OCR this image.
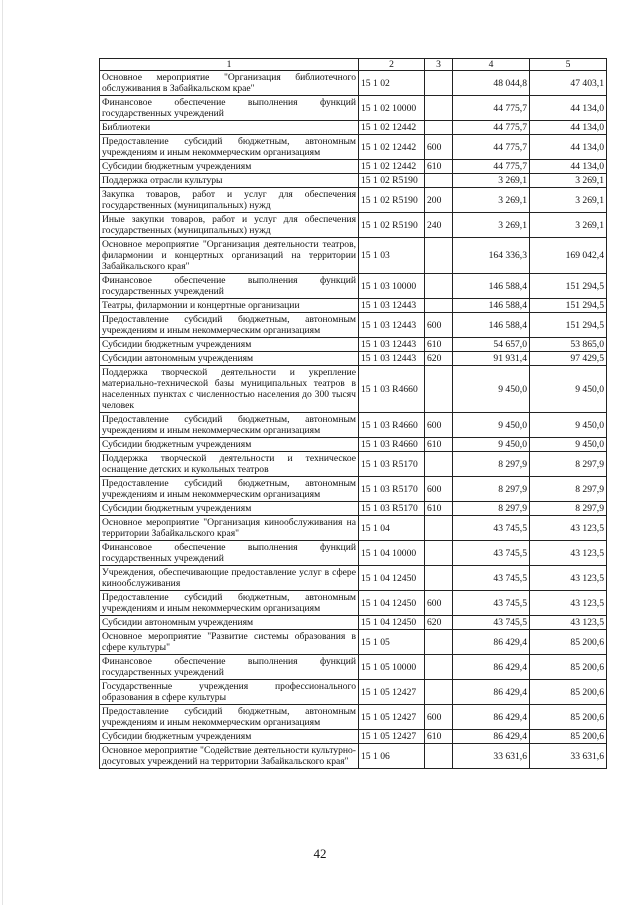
1	2	3	4	5
Основное мероприятие "Организация библиотечного обслуживания в Забайкальском крае"	15 1 02		48 044,8	47 403,1
Финансовое обеспечение выполнения функций государственных учреждений	15 1 02 10000		44 775,7	44 134,0
Библиотеки	15 1 02 12442		44 775,7	44 134,0
Предоставление субсидий бюджетным, автономным учреждениям и иным некоммерческим организациям	15 1 02 12442	600	44 775,7	44 134,0
Субсидии бюджетным учреждениям	15 1 02 12442	610	44 775,7	44 134,0
Поддержка отрасли культуры	15 1 02 R5190		3 269,1	3 269,1
Закупка товаров, работ и услуг для обеспечения государственных (муниципальных) нужд	15 1 02 R5190	200	3 269,1	3 269,1
Иные закупки товаров, работ и услуг для обеспечения государственных (муниципальных) нужд	15 1 02 R5190	240	3 269,1	3 269,1
Основное мероприятие "Организация деятельности театров, филармонии и концертных организаций на территории Забайкальского края"	15 1 03		164 336,3	169 042,4
Финансовое обеспечение выполнения функций государственных учреждений	15 1 03 10000		146 588,4	151 294,5
Театры, филармонии и концертные организации	15 1 03 12443		146 588,4	151 294,5
Предоставление субсидий бюджетным, автономным учреждениям и иным некоммерческим организациям	15 1 03 12443	600	146 588,4	151 294,5
Субсидии бюджетным учреждениям	15 1 03 12443	610	54 657,0	53 865,0
Субсидии автономным учреждениям	15 1 03 12443	620	91 931,4	97 429,5
Поддержка творческой деятельности и укрепление материально-технической базы муниципальных театров в населенных пунктах с численностью населения до 300 тысяч человек	15 1 03 R4660		9 450,0	9 450,0
Предоставление субсидий бюджетным, автономным учреждениям и иным некоммерческим организациям	15 1 03 R4660	600	9 450,0	9 450,0
Субсидии бюджетным учреждениям	15 1 03 R4660	610	9 450,0	9 450,0
Поддержка творческой деятельности и техническое оснащение детских и кукольных театров	15 1 03 R5170		8 297,9	8 297,9
Предоставление субсидий бюджетным, автономным учреждениям и иным некоммерческим организациям	15 1 03 R5170	600	8 297,9	8 297,9
Субсидии бюджетным учреждениям	15 1 03 R5170	610	8 297,9	8 297,9
Основное мероприятие "Организация кинообслуживания на территории Забайкальского края"	15 1 04		43 745,5	43 123,5
Финансовое обеспечение выполнения функций государственных учреждений	15 1 04 10000		43 745,5	43 123,5
Учреждения, обеспечивающие предоставление услуг в сфере кинообслуживания	15 1 04 12450		43 745,5	43 123,5
Предоставление субсидий бюджетным, автономным учреждениям и иным некоммерческим организациям	15 1 04 12450	600	43 745,5	43 123,5
Субсидии автономным учреждениям	15 1 04 12450	620	43 745,5	43 123,5
Основное мероприятие "Развитие системы образования в сфере культуры"	15 1 05		86 429,4	85 200,6
Финансовое обеспечение выполнения функций государственных учреждений	15 1 05 10000		86 429,4	85 200,6
Государственные учреждения профессионального образования в сфере культуры	15 1 05 12427		86 429,4	85 200,6
Предоставление субсидий бюджетным, автономным учреждениям и иным некоммерческим организациям	15 1 05 12427	600	86 429,4	85 200,6
Субсидии бюджетным учреждениям	15 1 05 12427	610	86 429,4	85 200,6
Основное мероприятие "Содействие деятельности культурно-досуговых учреждений на территории Забайкальского края"	15 1 06		33 631,6	33 631,6
42
